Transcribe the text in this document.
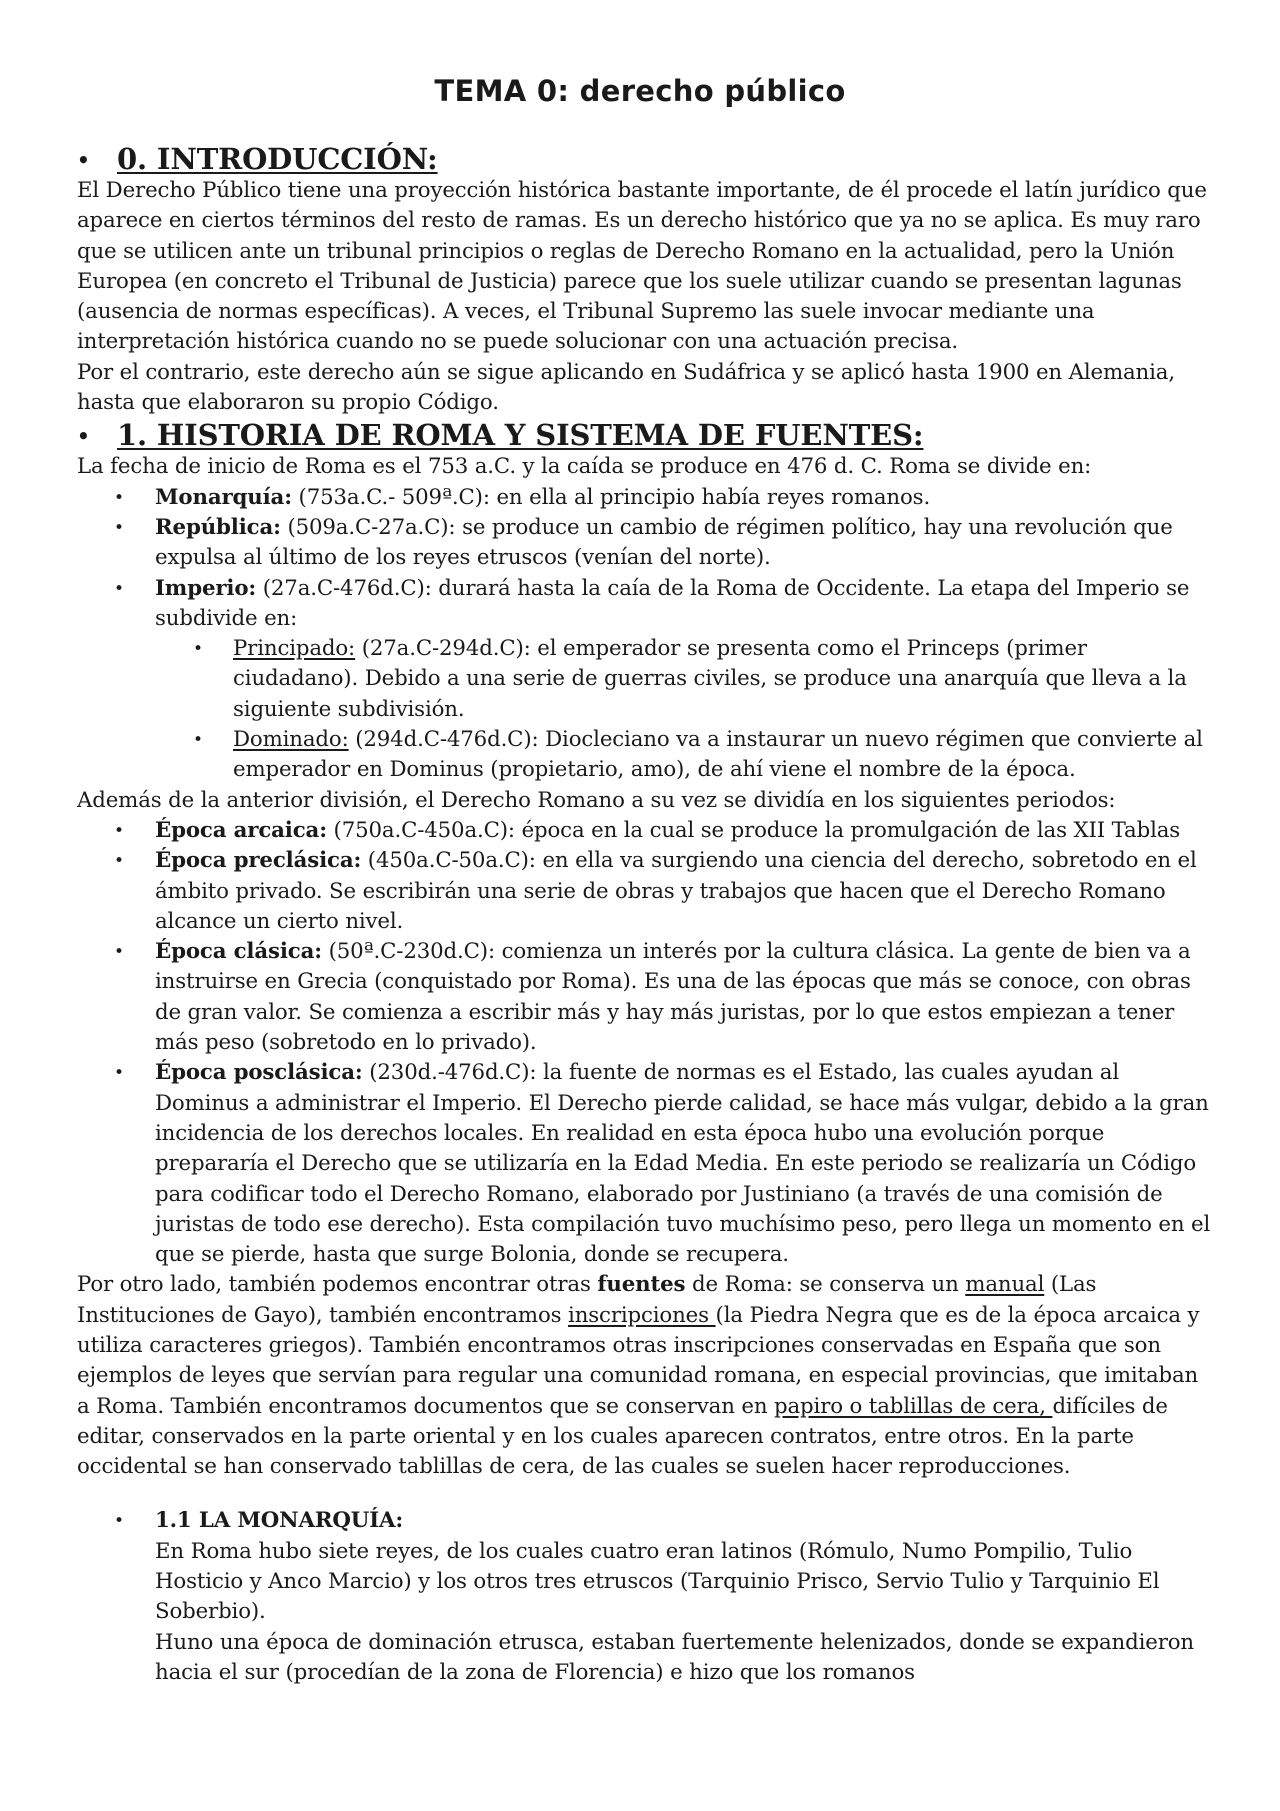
TEMA 0: derecho público
• 0. INTRODUCCIÓN:

El Derecho Público tiene una proyección histórica bastante importante, de él procede el latín jurídico que aparece en ciertos términos del resto de ramas. Es un derecho histórico que ya no se aplica. Es muy raro que se utilicen ante un tribunal principios o reglas de Derecho Romano en la actualidad, pero la Unión Europea (en concreto el Tribunal de Justicia) parece que los suele utilizar cuando se presentan lagunas (ausencia de normas específicas). A veces, el Tribunal Supremo las suele invocar mediante una interpretación histórica cuando no se puede solucionar con una actuación precisa.

Por el contrario, este derecho aún se sigue aplicando en Sudáfrica y se aplicó hasta 1900 en Alemania, hasta que elaboraron su propio Código.

• 1. HISTORIA DE ROMA Y SISTEMA DE FUENTES:

La fecha de inicio de Roma es el 753 a.C. y la caída se produce en 476 d. C. Roma se divide en:

• Monarquía: (753a.C.- 509ª.C): en ella al principio había reyes romanos.
• República: (509a.C-27a.C): se produce un cambio de régimen político, hay una revolución que expulsa al último de los reyes etruscos (venían del norte).
• Imperio: (27a.C-476d.C): durará hasta la caía de la Roma de Occidente. La etapa del Imperio se subdivide en:
• Principado: (27a.C-294d.C): el emperador se presenta como el Princeps (primer ciudadano). Debido a una serie de guerras civiles, se produce una anarquía que lleva a la siguiente subdivisión.
• Dominado: (294d.C-476d.C): Diocleciano va a instaurar un nuevo régimen que convierte al emperador en Dominus (propietario, amo), de ahí viene el nombre de la época.

Además de la anterior división, el Derecho Romano a su vez se dividía en los siguientes periodos:

• Época arcaica: (750a.C-450a.C): época en la cual se produce la promulgación de las XII Tablas
• Época preclásica: (450a.C-50a.C): en ella va surgiendo una ciencia del derecho, sobretodo en el ámbito privado. Se escribirán una serie de obras y trabajos que hacen que el Derecho Romano alcance un cierto nivel.
• Época clásica: (50ª.C-230d.C): comienza un interés por la cultura clásica. La gente de bien va a instruirse en Grecia (conquistado por Roma). Es una de las épocas que más se conoce, con obras de gran valor. Se comienza a escribir más y hay más juristas, por lo que estos empiezan a tener más peso (sobretodo en lo privado).
• Época posclásica: (230d.-476d.C): la fuente de normas es el Estado, las cuales ayudan al Dominus a administrar el Imperio. El Derecho pierde calidad, se hace más vulgar, debido a la gran incidencia de los derechos locales. En realidad en esta época hubo una evolución porque prepararía el Derecho que se utilizaría en la Edad Media. En este periodo se realizaría un Código para codificar todo el Derecho Romano, elaborado por Justiniano (a través de una comisión de juristas de todo ese derecho). Esta compilación tuvo muchísimo peso, pero llega un momento en el que se pierde, hasta que surge Bolonia, donde se recupera.

Por otro lado, también podemos encontrar otras fuentes de Roma: se conserva un manual (Las Instituciones de Gayo), también encontramos inscripciones (la Piedra Negra que es de la época arcaica y utiliza caracteres griegos). También encontramos otras inscripciones conservadas en España que son ejemplos de leyes que servían para regular una comunidad romana, en especial provincias, que imitaban a Roma. También encontramos documentos que se conservan en papiro o tablillas de cera, difíciles de editar, conservados en la parte oriental y en los cuales aparecen contratos, entre otros. En la parte occidental se han conservado tablillas de cera, de las cuales se suelen hacer reproducciones.

• 1.1 LA MONARQUÍA:

En Roma hubo siete reyes, de los cuales cuatro eran latinos (Rómulo, Numo Pompilio, Tulio Hosticio y Anco Marcio) y los otros tres etruscos (Tarquinio Prisco, Servio Tulio y Tarquinio El Soberbio).

Huno una época de dominación etrusca, estaban fuertemente helenizados, donde se expandieron hacia el sur (procedían de la zona de Florencia) e hizo que los romanos
